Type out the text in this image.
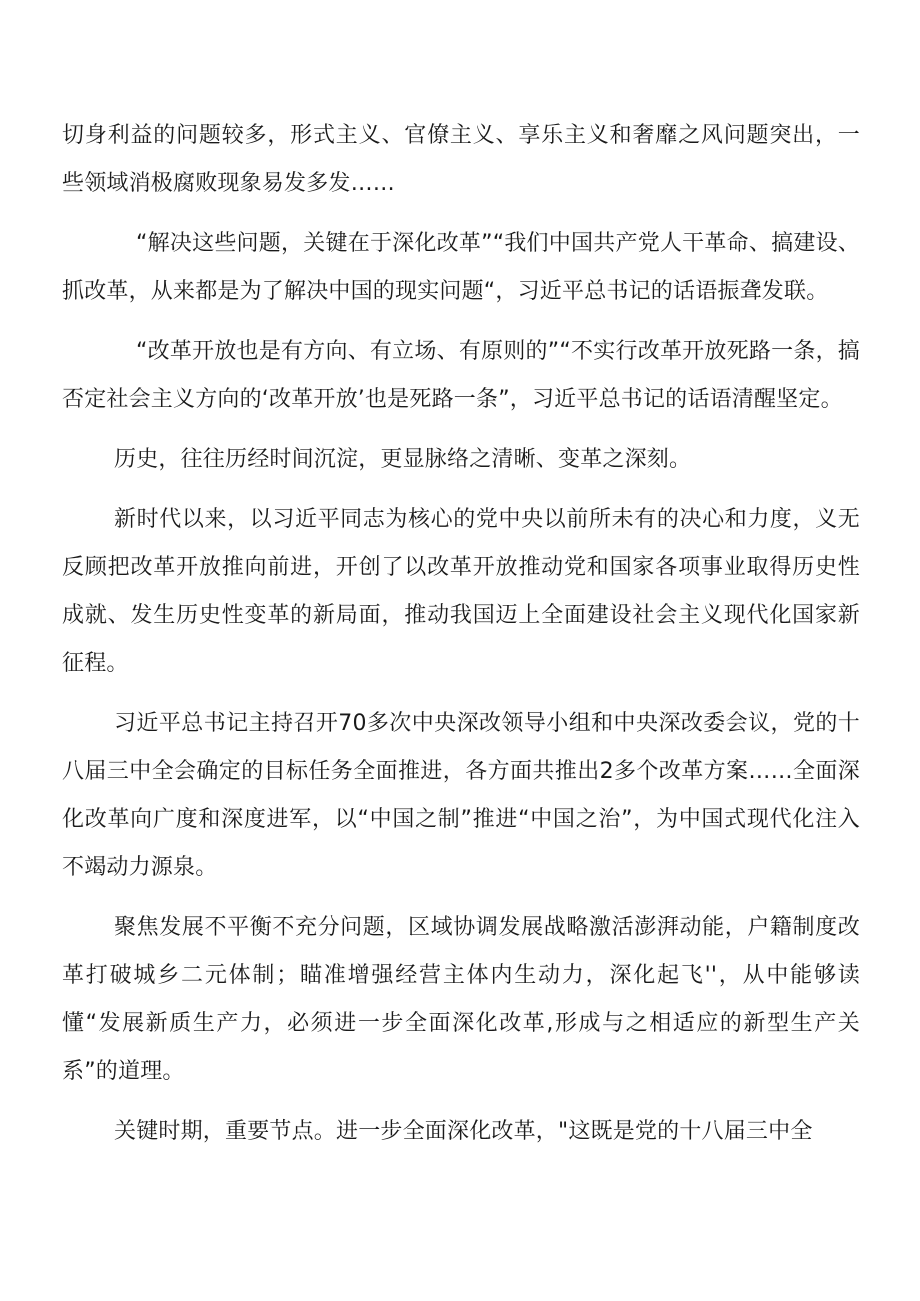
切身利益的问题较多，形式主义、官僚主义、享乐主义和奢靡之风问题突出，一些领域消极腐败现象易发多发……

“解决这些问题，关键在于深化改革”“我们中国共产党人干革命、搞建设、抓改革，从来都是为了解决中国的现实问题“，习近平总书记的话语振聋发联。

“改革开放也是有方向、有立场、有原则的”“不实行改革开放死路一条，搞否定社会主义方向的‘改革开放’也是死路一条”，习近平总书记的话语清醒坚定。

历史，往往历经时间沉淀，更显脉络之清晰、变革之深刻。

新时代以来，以习近平同志为核心的党中央以前所未有的决心和力度，义无反顾把改革开放推向前进，开创了以改革开放推动党和国家各项事业取得历史性成就、发生历史性变革的新局面，推动我国迈上全面建设社会主义现代化国家新征程。

习近平总书记主持召开70多次中央深改领导小组和中央深改委会议，党的十八届三中全会确定的目标任务全面推进，各方面共推出2多个改革方案……全面深化改革向广度和深度进军，以“中国之制”推进“中国之治”，为中国式现代化注入不竭动力源泉。

聚焦发展不平衡不充分问题，区域协调发展战略激活澎湃动能，户籍制度改革打破城乡二元体制；瞄准增强经营主体内生动力，深化起飞''，从中能够读懂“发展新质生产力，必须进一步全面深化改革,形成与之相适应的新型生产关系”的道理。

关键时期，重要节点。进一步全面深化改革，"这既是党的十八届三中全
